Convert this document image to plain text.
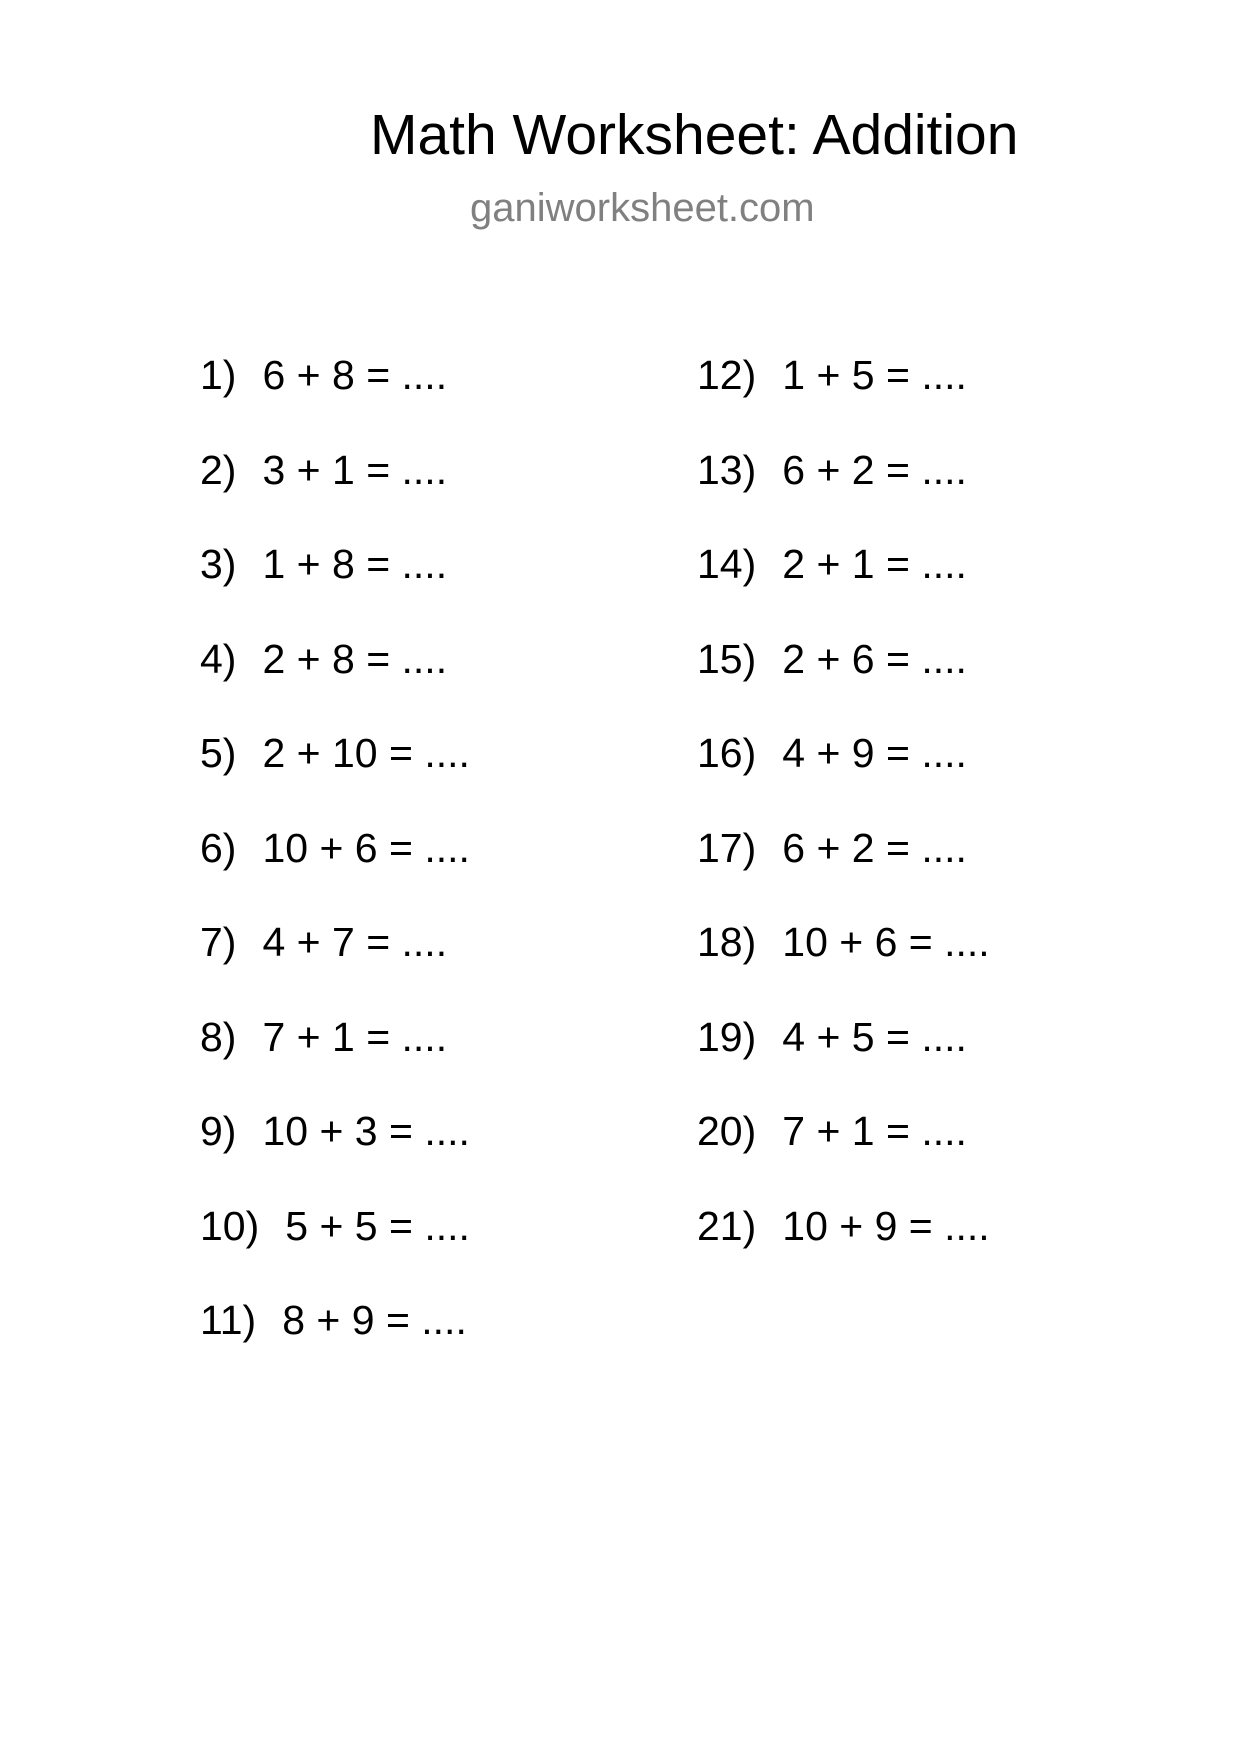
Math Worksheet: Addition
ganiworksheet.com
1) 6 + 8 = ....
2) 3 + 1 = ....
3) 1 + 8 = ....
4) 2 + 8 = ....
5) 2 + 10 = ....
6) 10 + 6 = ....
7) 4 + 7 = ....
8) 7 + 1 = ....
9) 10 + 3 = ....
10) 5 + 5 = ....
11) 8 + 9 = ....
12) 1 + 5 = ....
13) 6 + 2 = ....
14) 2 + 1 = ....
15) 2 + 6 = ....
16) 4 + 9 = ....
17) 6 + 2 = ....
18) 10 + 6 = ....
19) 4 + 5 = ....
20) 7 + 1 = ....
21) 10 + 9 = ....
